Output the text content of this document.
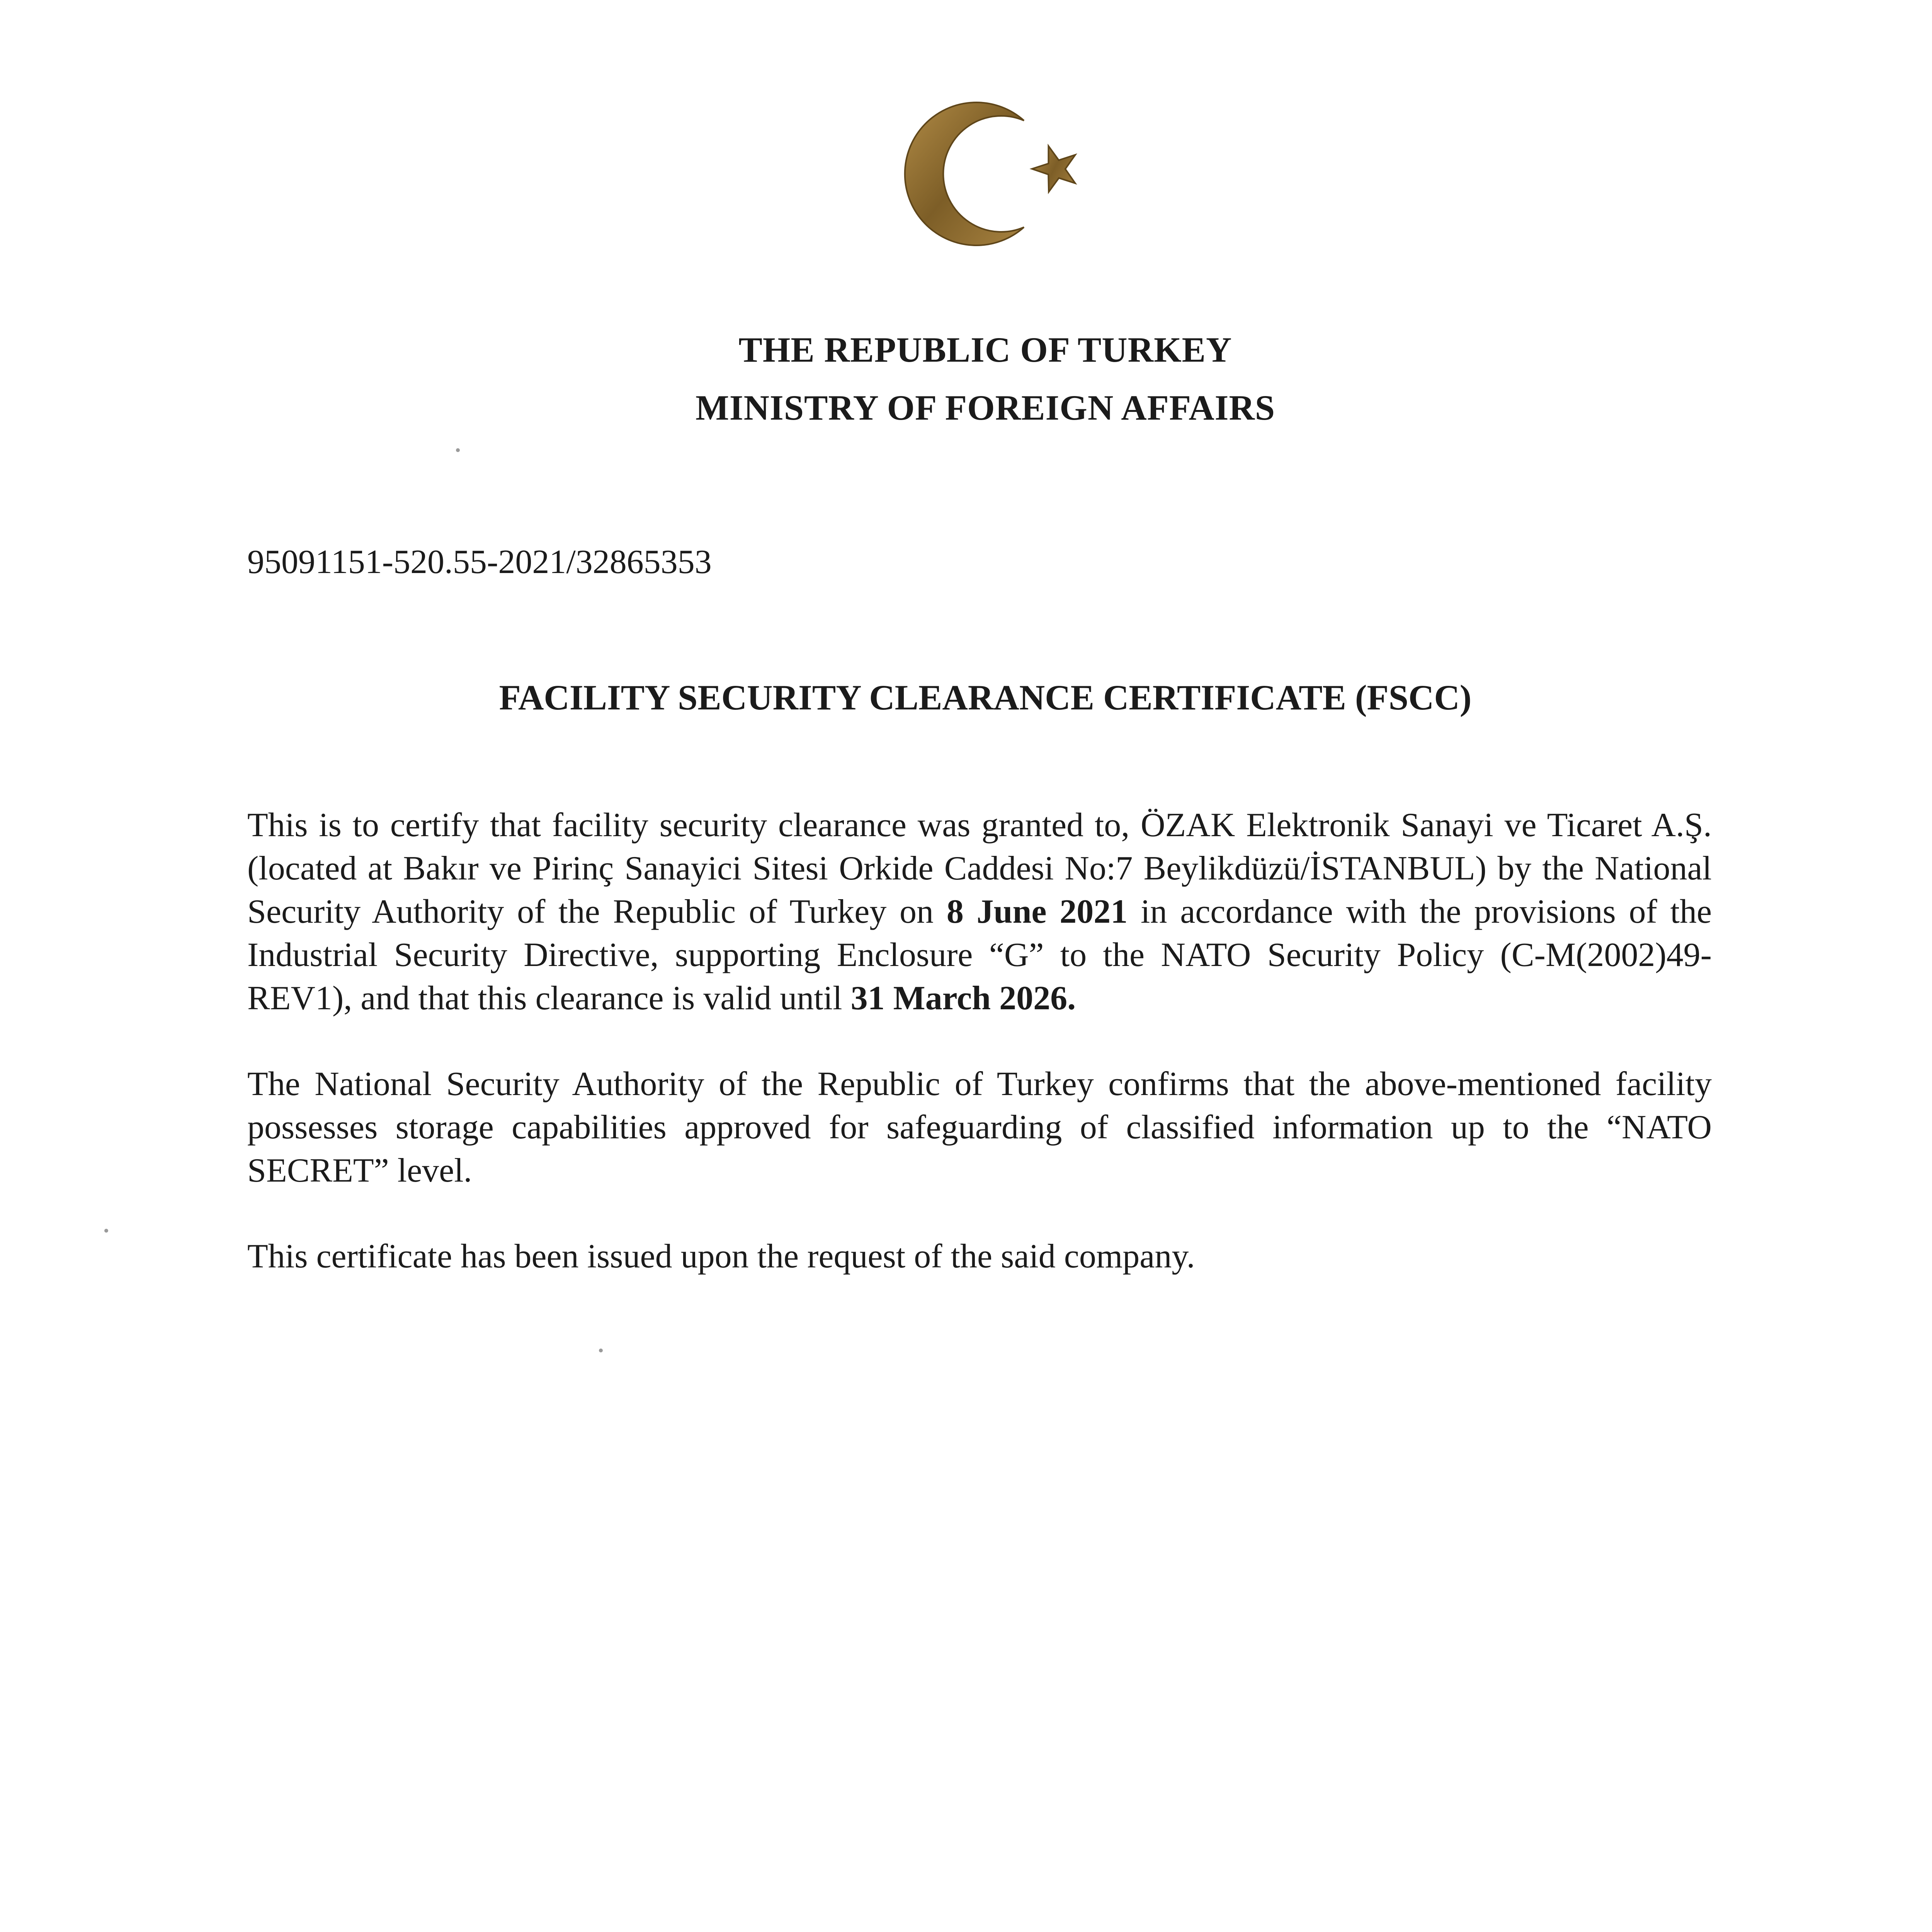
THE REPUBLIC OF TURKEY
MINISTRY OF FOREIGN AFFAIRS
95091151-520.55-2021/32865353
FACILITY SECURITY CLEARANCE CERTIFICATE (FSCC)

This is to certify that facility security clearance was granted to, ÖZAK Elektronik Sanayi ve Ticaret A.Ş. (located at Bakır ve Pirinç Sanayici Sitesi Orkide Caddesi No:7 Beylikdüzü/İSTANBUL) by the National Security Authority of the Republic of Turkey on 8 June 2021 in accordance with the provisions of the Industrial Security Directive, supporting Enclosure “G” to the NATO Security Policy (C-M(2002)49-REV1), and that this clearance is valid until 31 March 2026.

The National Security Authority of the Republic of Turkey confirms that the above-mentioned facility possesses storage capabilities approved for safeguarding of classified information up to the “NATO SECRET” level.

This certificate has been issued upon the request of the said company.
